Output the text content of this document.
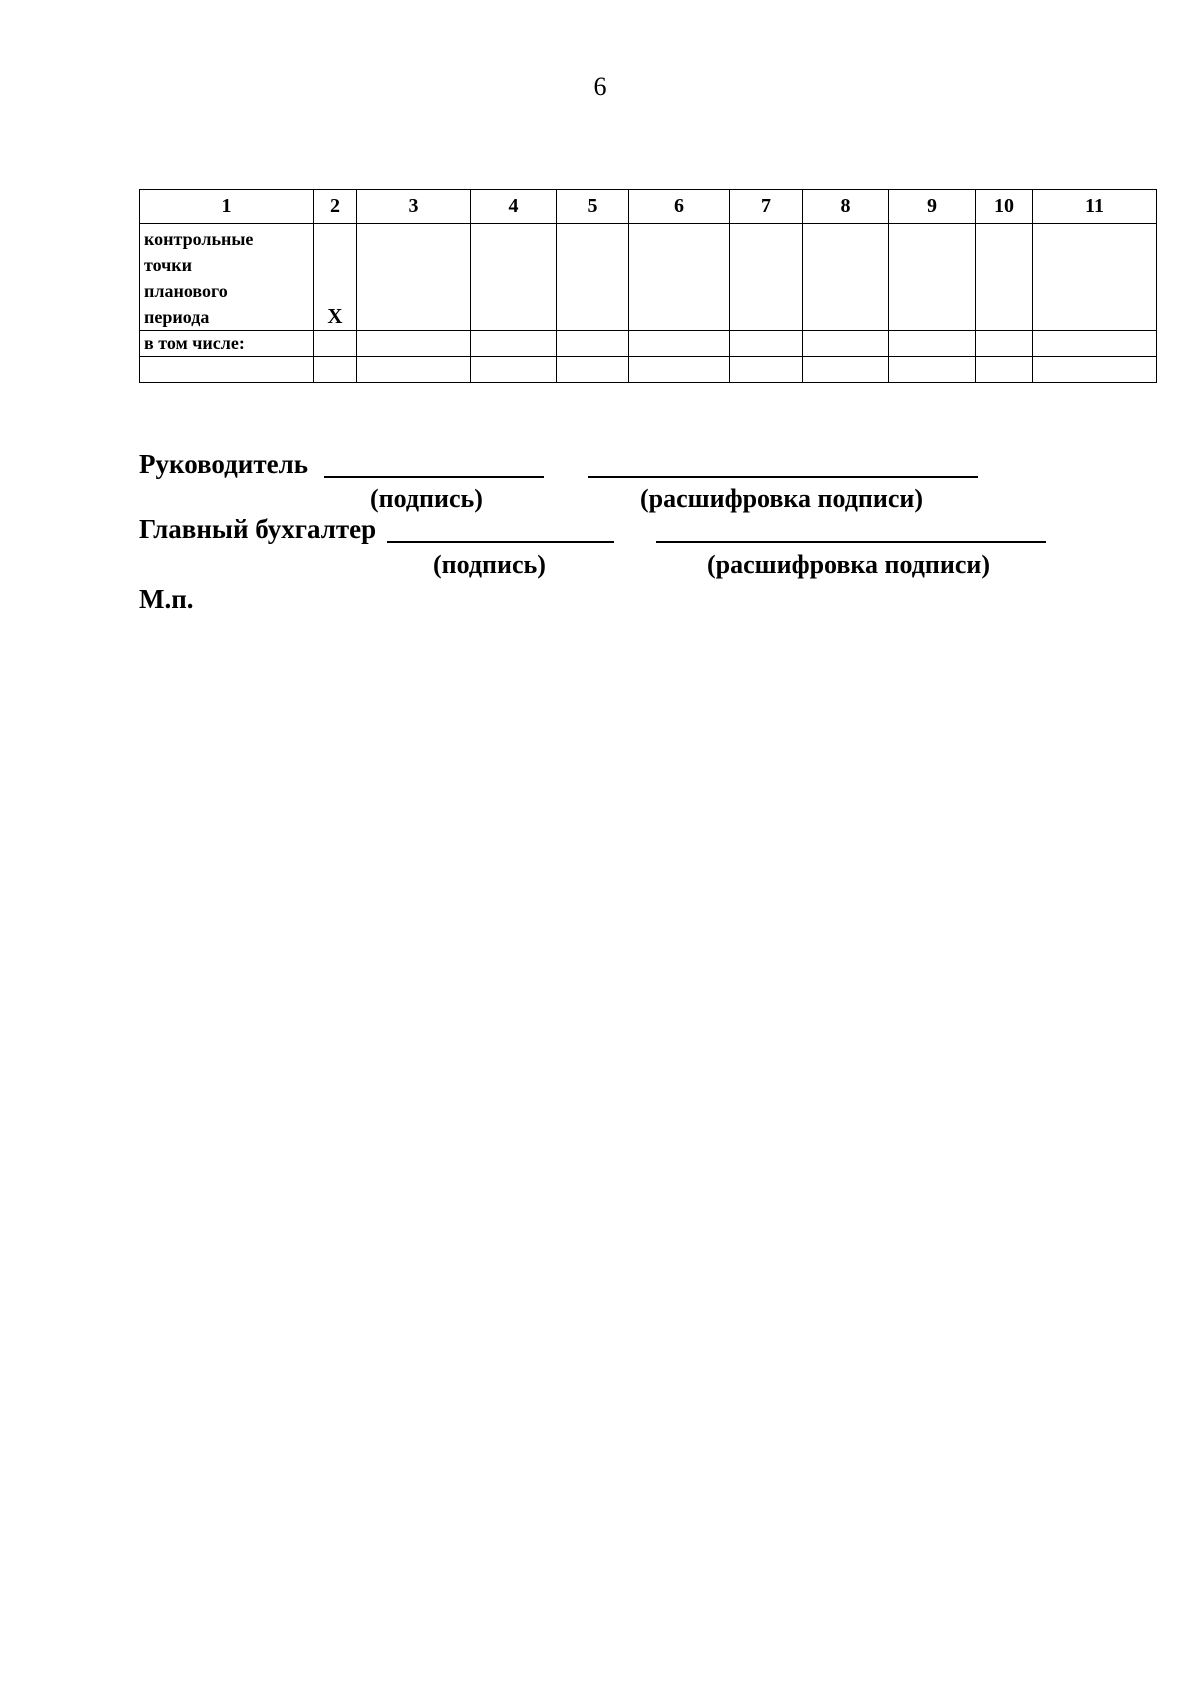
6
1	2	3	4	5	6	7	8	9	10	11

контрольные
точки
планового
периода	X									
в том числе:										

Руководитель
(подпись)	(расшифровка подписи)
Главный бухгалтер
(подпись)	(расшифровка подписи)
М.п.
